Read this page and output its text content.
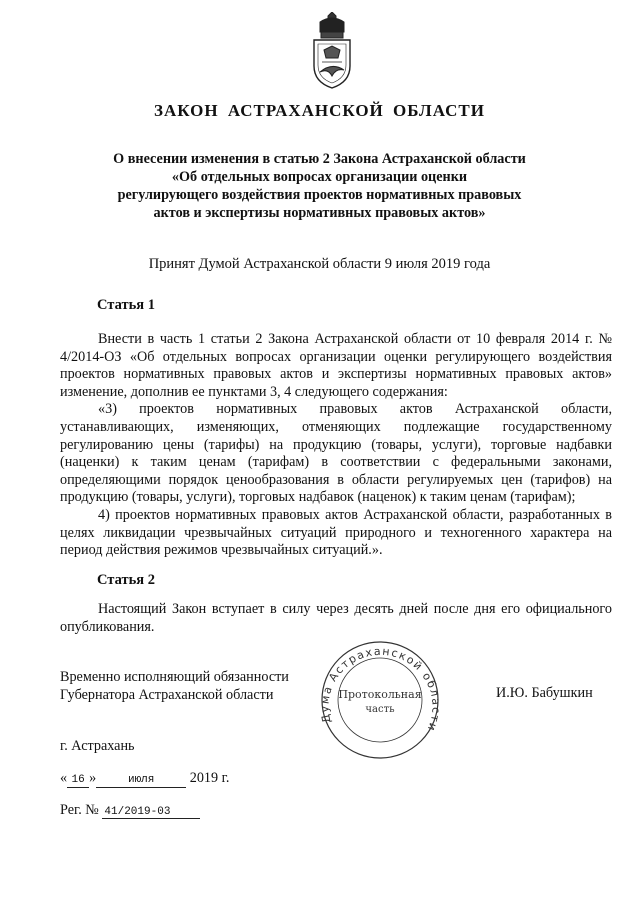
ЗАКОН АСТРАХАНСКОЙ ОБЛАСТИ
О внесении изменения в статью 2 Закона Астраханской области
«Об отдельных вопросах организации оценки
регулирующего воздействия проектов нормативных правовых
актов и экспертизы нормативных правовых актов»
Принят Думой Астраханской области 9 июля 2019 года
Статья 1

Внести в часть 1 статьи 2 Закона Астраханской области от 10 февраля 2014 г. № 4/2014-ОЗ «Об отдельных вопросах организации оценки регулирующего воздействия проектов нормативных правовых актов и экспертизы нормативных правовых актов» изменение, дополнив ее пунктами 3, 4 следующего содержания:

«3) проектов нормативных правовых актов Астраханской области, устанавливающих, изменяющих, отменяющих подлежащие государственному регулированию цены (тарифы) на продукцию (товары, услуги), торговые надбавки (наценки) к таким ценам (тарифам) в соответствии с федеральными законами, определяющими порядок ценообразования в области регулируемых цен (тарифов) на продукцию (товары, услуги), торговых надбавок (наценок) к таким ценам (тарифам);

4) проектов нормативных правовых актов Астраханской области, разработанных в целях ликвидации чрезвычайных ситуаций природного и техногенного характера на период действия режимов чрезвычайных ситуаций.».

Статья 2

Настоящий Закон вступает в силу через десять дней после дня его официального опубликования.

Временно исполняющий обязанности
Губернатора Астраханской области
Дума Астраханской области
Протокольная
часть
И.Ю. Бабушкин
г. Астрахань
« 16 »	июля 2019 г.
Рег. № 41/2019-03
